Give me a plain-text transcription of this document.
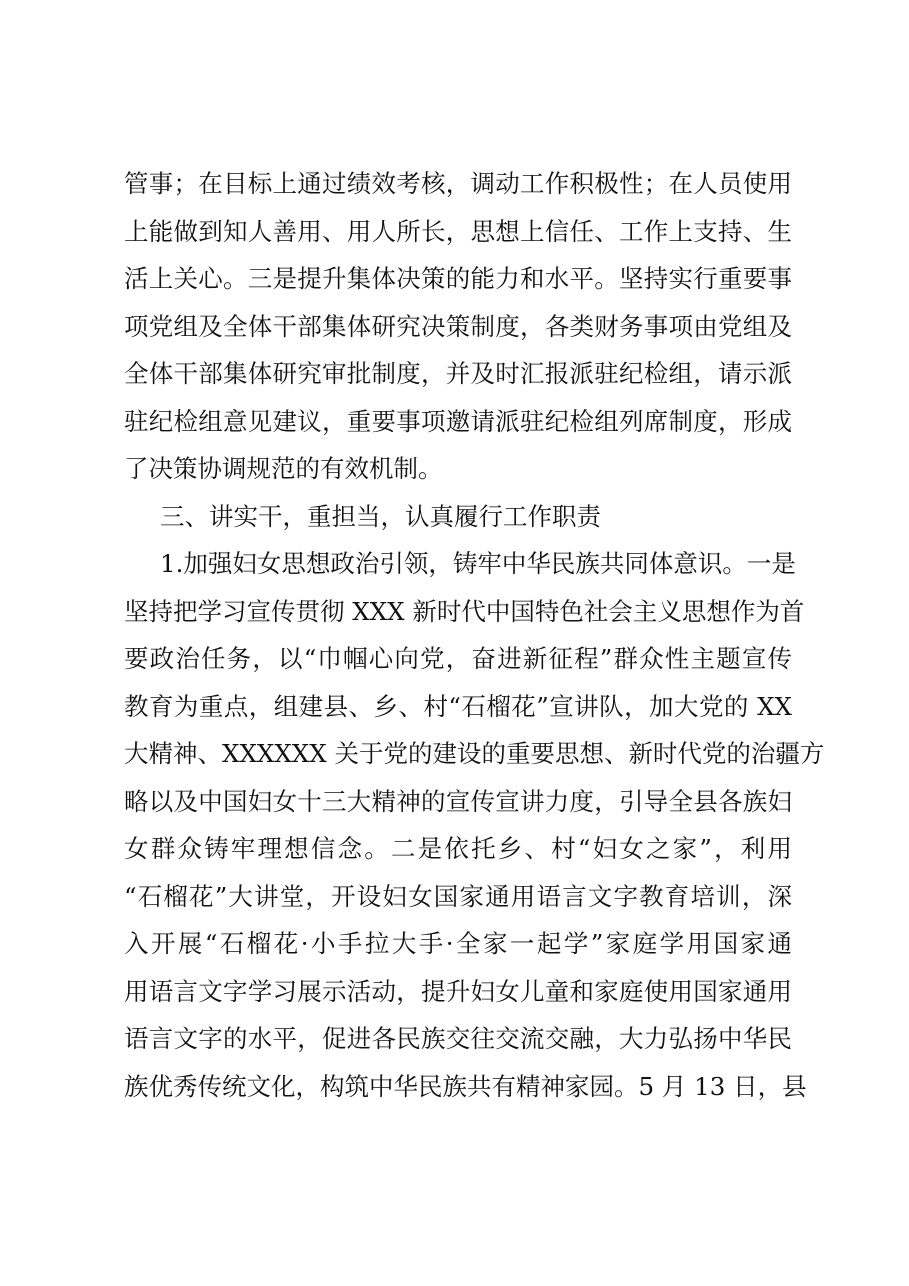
管事；在目标上通过绩效考核，调动工作积极性；在人员使用
上能做到知人善用、用人所长，思想上信任、工作上支持、生
活上关心。三是提升集体决策的能力和水平。坚持实行重要事
项党组及全体干部集体研究决策制度，各类财务事项由党组及
全体干部集体研究审批制度，并及时汇报派驻纪检组，请示派
驻纪检组意见建议，重要事项邀请派驻纪检组列席制度，形成
了决策协调规范的有效机制。
三、讲实干，重担当，认真履行工作职责
1.加强妇女思想政治引领，铸牢中华民族共同体意识。一是
坚持把学习宣传贯彻 XXX 新时代中国特色社会主义思想作为首
要政治任务，以“巾帼心向党，奋进新征程”群众性主题宣传
教育为重点，组建县、乡、村“石榴花”宣讲队，加大党的 XX
大精神、XXXXXX 关于党的建设的重要思想、新时代党的治疆方
略以及中国妇女十三大精神的宣传宣讲力度，引导全县各族妇
女群众铸牢理想信念。二是依托乡、村“妇女之家”，利用
“石榴花”大讲堂，开设妇女国家通用语言文字教育培训，深
入开展“石榴花·小手拉大手·全家一起学”家庭学用国家通
用语言文字学习展示活动，提升妇女儿童和家庭使用国家通用
语言文字的水平，促进各民族交往交流交融，大力弘扬中华民
族优秀传统文化，构筑中华民族共有精神家园。5 月 13 日，县
